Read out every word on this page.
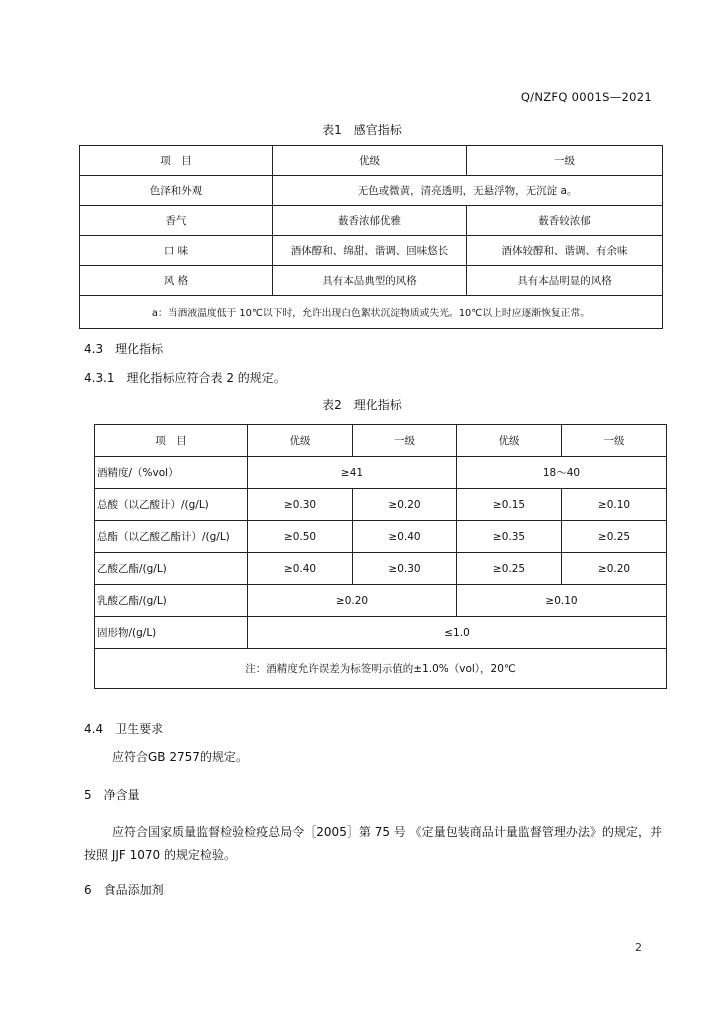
Q/NZFQ 0001S—2021
表1　感官指标
项　目	优级	一级
色泽和外观	无色或微黄，清亮透明，无悬浮物，无沉淀 a。	
香气	薮香浓郁优雅	薮香较浓郁
口 味	酒体醇和、绵甜、谐调、回味悠长	酒体较醇和、谐调、有余味
风 格	具有本品典型的风格	具有本品明显的风格
a：当酒液温度低于 10℃以下时，允许出现白色絮状沉淀物质或失光。10℃以上时应逐渐恢复正常。		
4.3　理化指标
4.3.1　理化指标应符合表 2 的规定。
表2　理化指标
项　目	优级	一级	优级	一级
酒精度/（%vol）	≥41		18～40	
总酸（以乙酸计）/(g/L)	≥0.30	≥0.20	≥0.15	≥0.10
总酯（以乙酸乙酯计）/(g/L)	≥0.50	≥0.40	≥0.35	≥0.25
乙酸乙酯/(g/L)	≥0.40	≥0.30	≥0.25	≥0.20
乳酸乙酯/(g/L)	≥0.20		≥0.10	
固形物/(g/L)	≤1.0			
注：酒精度允许误差为标签明示值的±1.0%（vol），20℃				
4.4　卫生要求
应符合GB 2757的规定。
5　净含量
应符合国家质量监督检验检疫总局令［2005］第 75 号 《定量包装商品计量监督管理办法》的规定，并按照 JJF 1070 的规定检验。
6　食品添加剂
2
